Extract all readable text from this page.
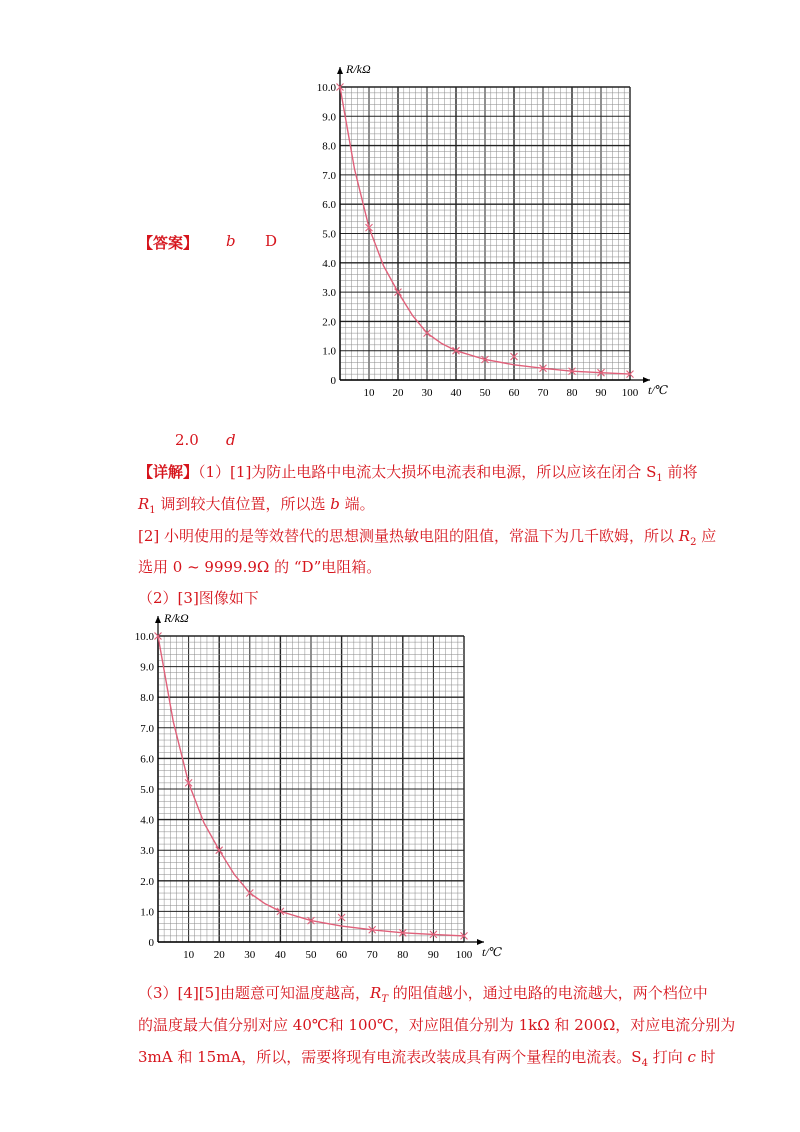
【答案】 b D
10 20 30 40 50 60 70 80 90 100
0
1.0
2.0
3.0
4.0
5.0
6.0
7.0
8.0
9.0
10.0
t/℃
R/kΩ
2.0 d
【详解】（1）[1]为防止电路中电流太大损坏电流表和电源，所以应该在闭合 $S_1$ 前将
$R_1$ 调到较大值位置，所以选 b 端。
[2] 小明使用的是等效替代的思想测量热敏电阻的阻值，常温下为几千欧姆，所以 $R_2$ 应
选用 0 ~ 9999.9Ω 的 “D”电阻箱。
（2）[3]图像如下
10 20 30 40 50 60 70 80 90 100
0
1.0
2.0
3.0
4.0
5.0
6.0
7.0
8.0
9.0
10.0
t/℃
R/kΩ
（3）[4][5]由题意可知温度越高，$R_T$ 的阻值越小，通过电路的电流越大，两个档位中
的温度最大值分别对应 40℃和 100℃，对应阻值分别为 1kΩ 和 200Ω，对应电流分别为
3mA 和 15mA，所以，需要将现有电流表改装成具有两个量程的电流表。$S_4$ 打向 c 时
